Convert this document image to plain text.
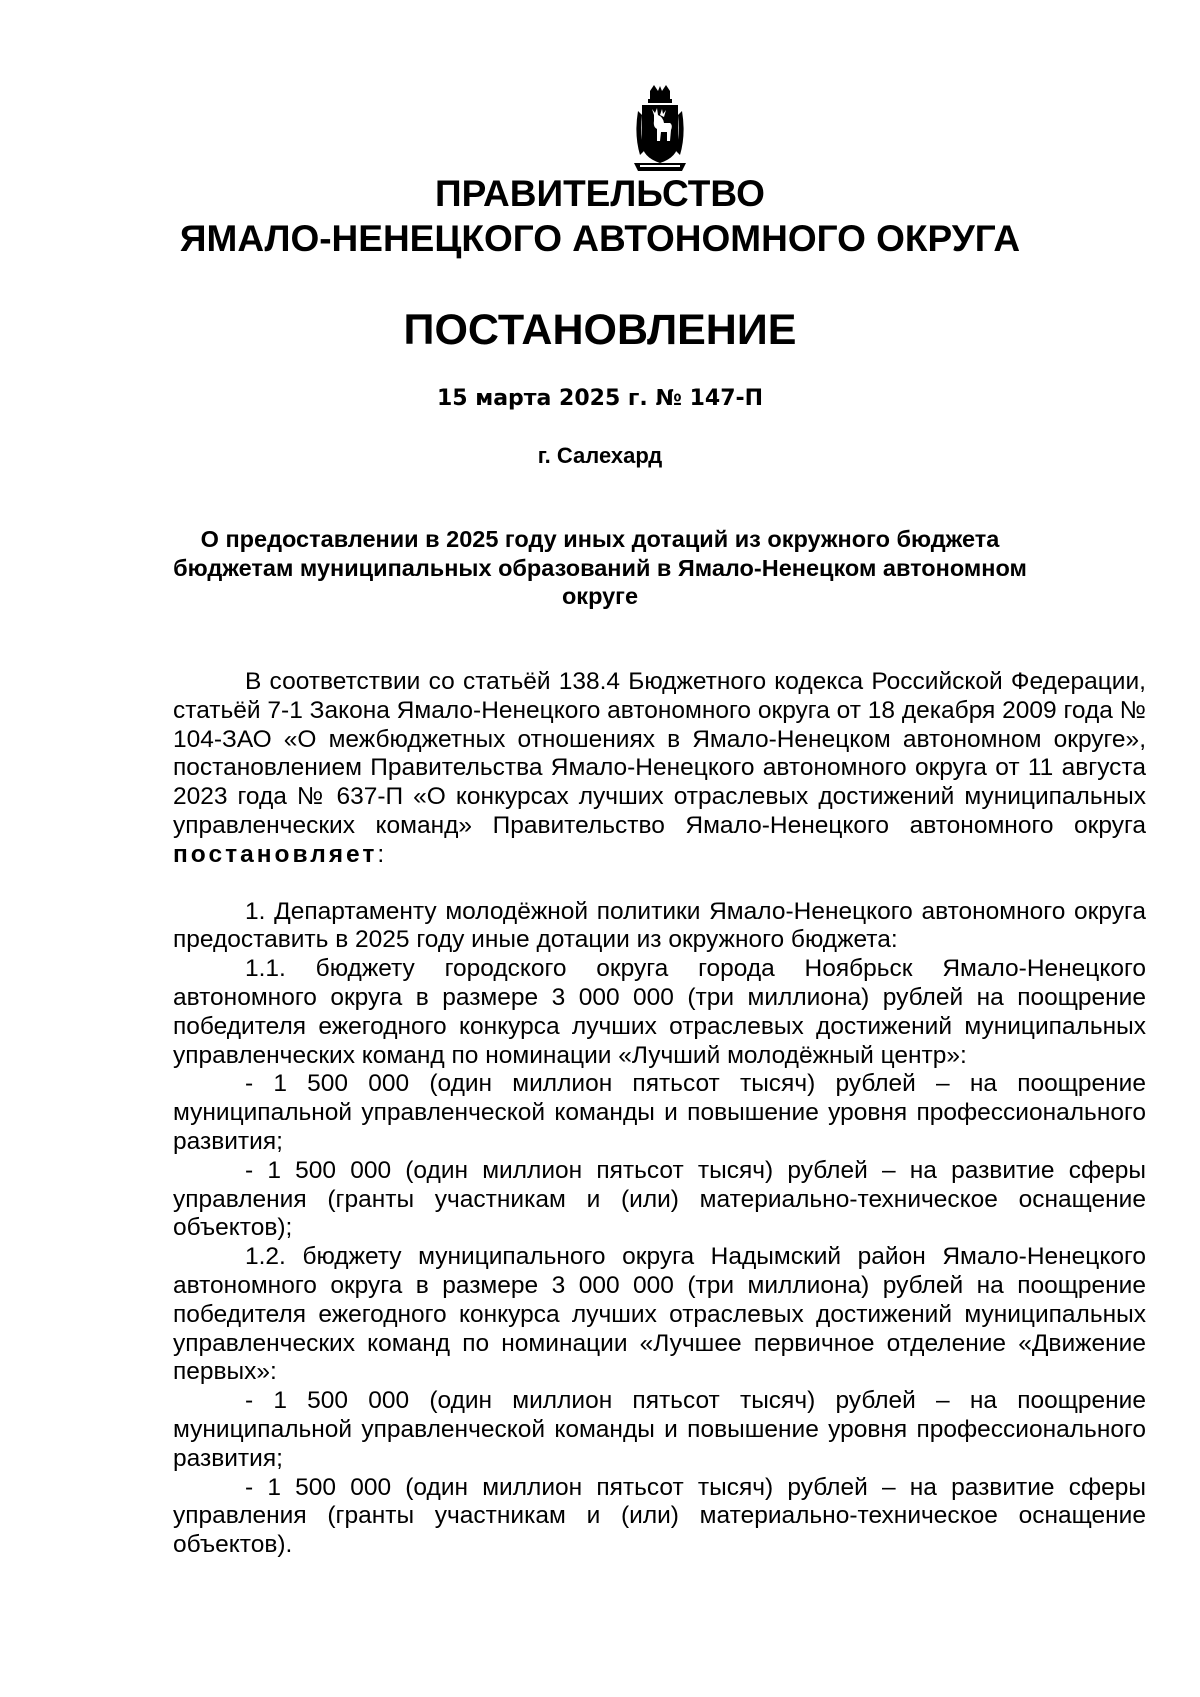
ПРАВИТЕЛЬСТВО
ЯМАЛО-НЕНЕЦКОГО АВТОНОМНОГО ОКРУГА
ПОСТАНОВЛЕНИЕ
15 марта 2025 г. № 147-П
г. Салехард
О предоставлении в 2025 году иных дотаций из окружного бюджета бюджетам муниципальных образований в Ямало-Ненецком автономном округе

В соответствии со статьёй 138.4 Бюджетного кодекса Российской Федерации, статьёй 7-1 Закона Ямало-Ненецкого автономного округа от 18 декабря 2009 года № 104-ЗАО «О межбюджетных отношениях в Ямало-Ненецком автономном округе», постановлением Правительства Ямало-Ненецкого автономного округа от 11 августа 2023 года № 637-П «О конкурсах лучших отраслевых достижений муниципальных управленческих команд» Правительство Ямало-Ненецкого автономного округа постановляет:

1. Департаменту молодёжной политики Ямало-Ненецкого автономного округа предоставить в 2025 году иные дотации из окружного бюджета:

1.1. бюджету городского округа города Ноябрьск Ямало-Ненецкого автономного округа в размере 3 000 000 (три миллиона) рублей на поощрение победителя ежегодного конкурса лучших отраслевых достижений муниципальных управленческих команд по номинации «Лучший молодёжный центр»:

- 1 500 000 (один миллион пятьсот тысяч) рублей – на поощрение муниципальной управленческой команды и повышение уровня профессионального развития;

- 1 500 000 (один миллион пятьсот тысяч) рублей – на развитие сферы управления (гранты участникам и (или) материально-техническое оснащение объектов);

1.2. бюджету муниципального округа Надымский район Ямало-Ненецкого автономного округа в размере 3 000 000 (три миллиона) рублей на поощрение победителя ежегодного конкурса лучших отраслевых достижений муниципальных управленческих команд по номинации «Лучшее первичное отделение «Движение первых»:

- 1 500 000 (один миллион пятьсот тысяч) рублей – на поощрение муниципальной управленческой команды и повышение уровня профессионального развития;

- 1 500 000 (один миллион пятьсот тысяч) рублей – на развитие сферы управления (гранты участникам и (или) материально-техническое оснащение объектов).
